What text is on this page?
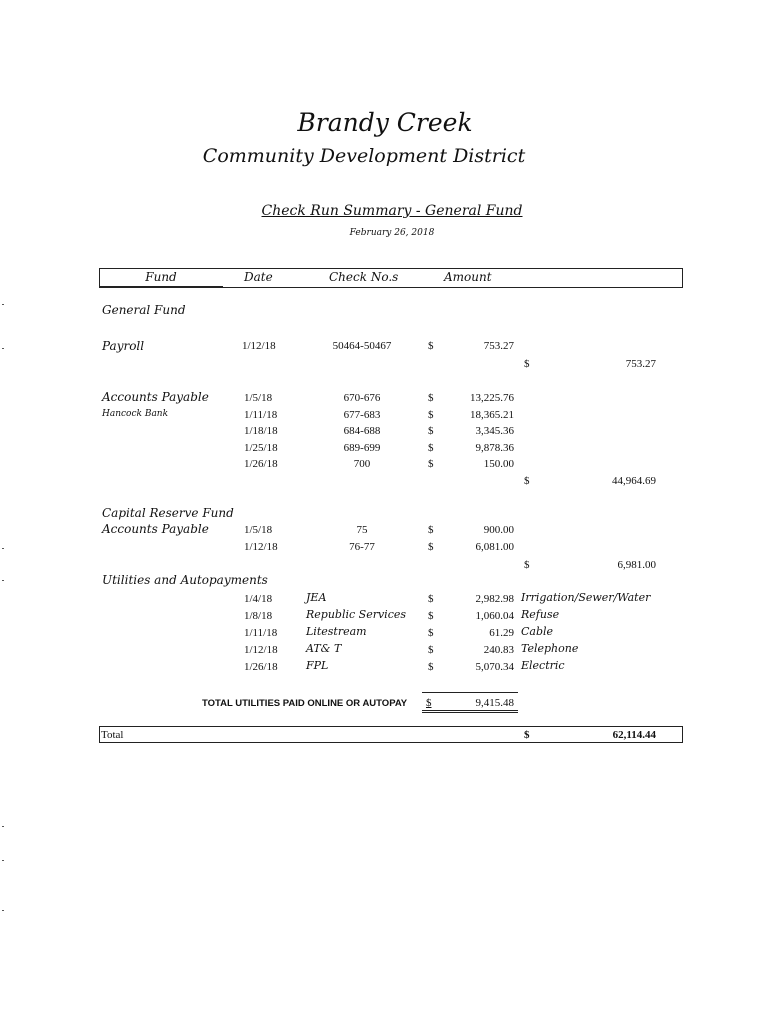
Brandy Creek
Community Development District
Check Run Summary - General Fund
February 26, 2018
Fund	Date	Check No.s	Amount
General Fund
Payroll	1/12/18	50464-50467	$	753.27
$	753.27
Accounts Payable
Hancock Bank
1/5/18	670-676	$	13,225.76
1/11/18	677-683	$	18,365.21
1/18/18	684-688	$	3,345.36
1/25/18	689-699	$	9,878.36
1/26/18	700	$	150.00
$	44,964.69
Capital Reserve Fund
Accounts Payable	1/5/18	75	$	900.00
1/12/18	76-77	$	6,081.00
$	6,981.00
Utilities and Autopayments
1/4/18	JEA	$	2,982.98 Irrigation/Sewer/Water
1/8/18	Republic Services $	1,060.04 Refuse
1/11/18	Litestream	$	61.29 Cable
1/12/18	AT& T	$	240.83 Telephone
1/26/18	FPL	$	5,070.34 Electric
TOTAL UTILITIES PAID ONLINE OR AUTOPAY $	9,415.48
Total	$	62,114.44
